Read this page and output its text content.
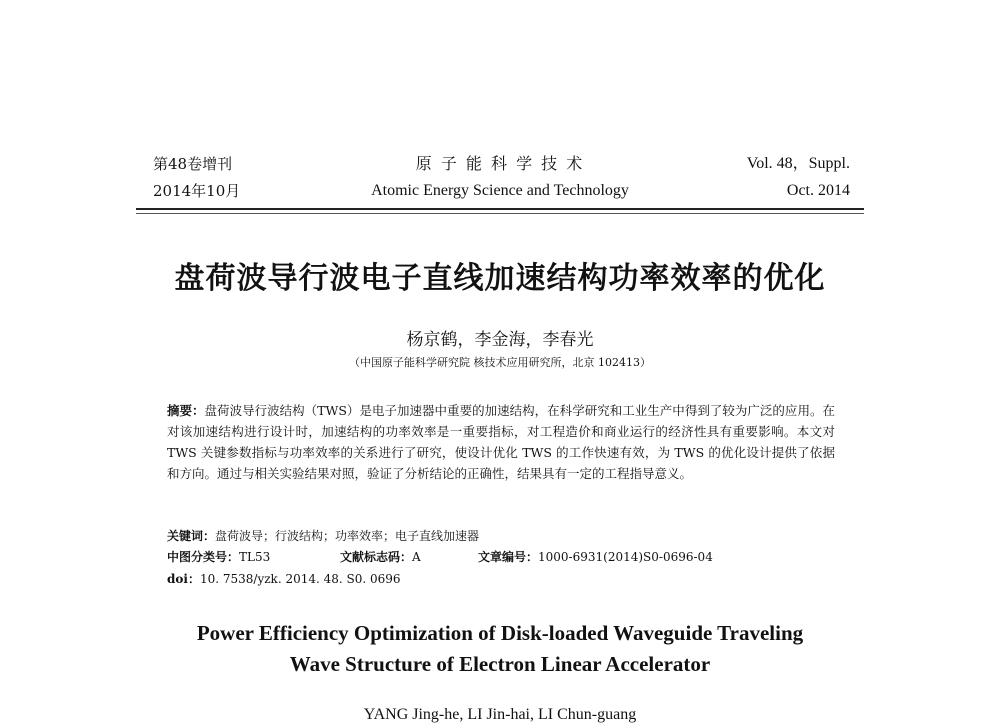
第48卷增刊
2014年10月
原 子 能 科 学 技 术
Atomic Energy Science and Technology
Vol. 48，Suppl.
Oct. 2014
盘荷波导行波电子直线加速结构功率效率的优化
杨京鹤，李金海，李春光
（中国原子能科学研究院 核技术应用研究所，北京 102413）
摘要：盘荷波导行波结构（TWS）是电子加速器中重要的加速结构，在科学研究和工业生产中得到了较为广泛的应用。在对该加速结构进行设计时，加速结构的功率效率是一重要指标，对工程造价和商业运行的经济性具有重要影响。本文对 TWS 关键参数指标与功率效率的关系进行了研究，使设计优化 TWS 的工作快速有效，为 TWS 的优化设计提供了依据和方向。通过与相关实验结果对照，验证了分析结论的正确性，结果具有一定的工程指导意义。
关键词：盘荷波导；行波结构；功率效率；电子直线加速器
中图分类号：TL53	文献标志码：A	文章编号：1000-6931(2014)S0-0696-04
doi：10. 7538/yzk. 2014. 48. S0. 0696
Power Efficiency Optimization of Disk-loaded Waveguide Traveling
Wave Structure of Electron Linear Accelerator
YANG Jing-he, LI Jin-hai, LI Chun-guang
